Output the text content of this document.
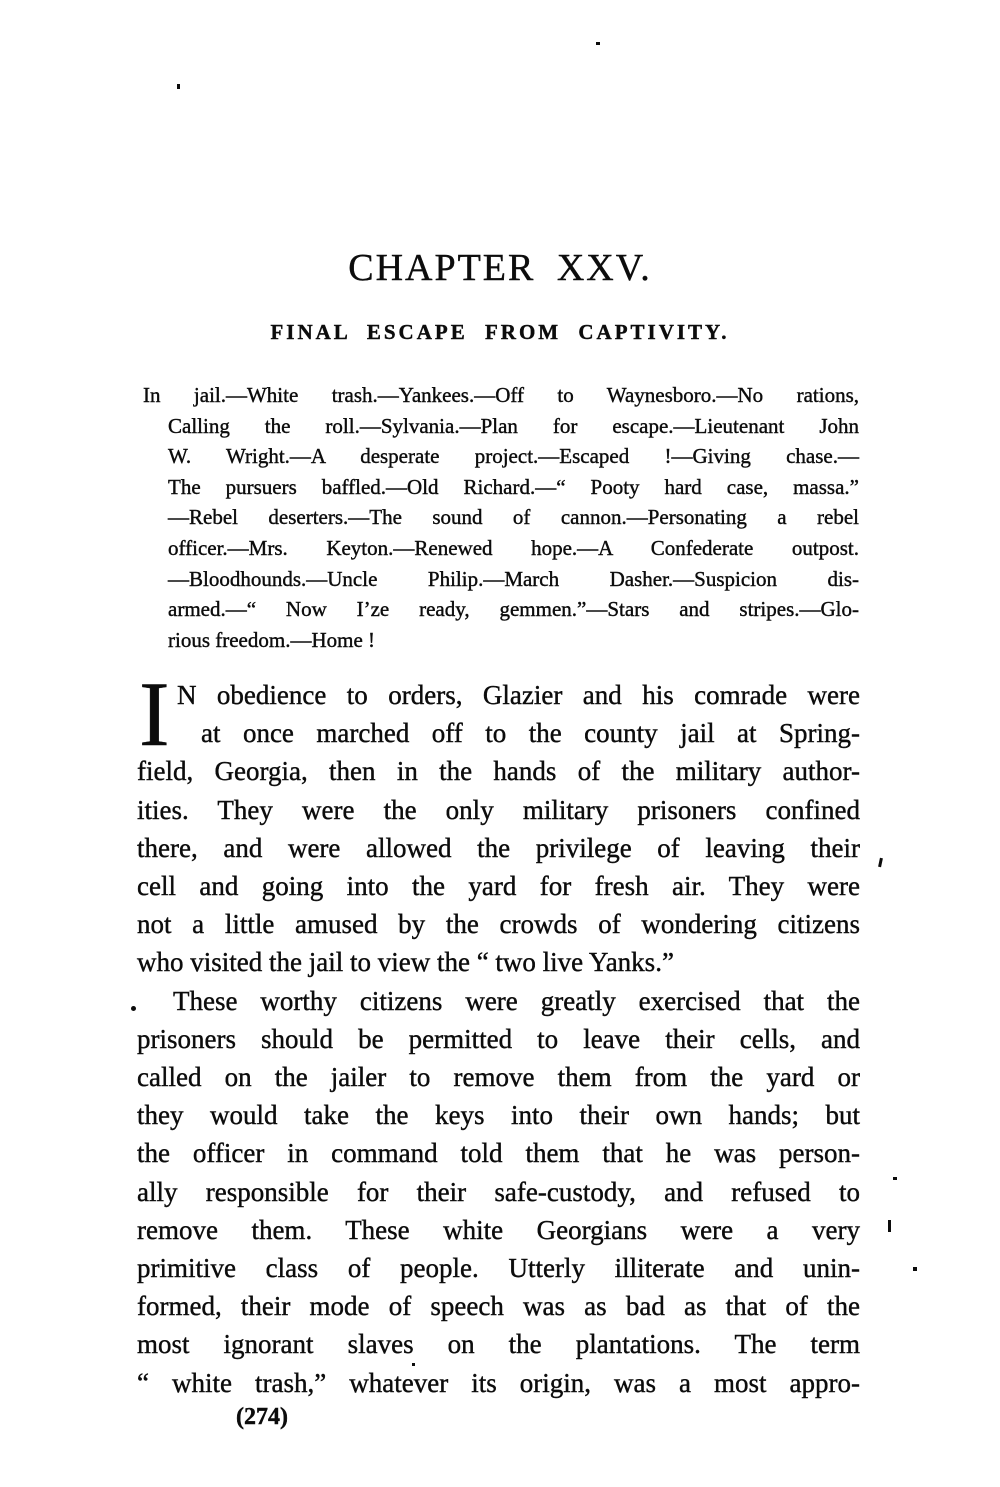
CHAPTER XXV.
FINAL ESCAPE FROM CAPTIVITY.
In jail.—White trash.—Yankees.—Off to Waynesboro.—No rations,
Calling the roll.—Sylvania.—Plan for escape.—Lieutenant John
W. Wright.—A desperate project.—Escaped !—Giving chase.—
The pursuers baffled.—Old Richard.—“ Pooty hard case, massa.”
—Rebel deserters.—The sound of cannon.—Personating a rebel
officer.—Mrs. Keyton.—Renewed hope.—A Confederate outpost.
—Bloodhounds.—Uncle Philip.—March Dasher.—Suspicion dis-
armed.—“ Now I’ze ready, gemmen.”—Stars and stripes.—Glo-
rious freedom.—Home !
I N obedience to orders, Glazier and his comrade were
at once marched off to the county jail at Spring-
field, Georgia, then in the hands of the military author-
ities. They were the only military prisoners confined
there, and were allowed the privilege of leaving their
cell and going into the yard for fresh air. They were
not a little amused by the crowds of wondering citizens
who visited the jail to view the “ two live Yanks.”
These worthy citizens were greatly exercised that the
prisoners should be permitted to leave their cells, and
called on the jailer to remove them from the yard or
they would take the keys into their own hands; but
the officer in command told them that he was person-
ally responsible for their safe-custody, and refused to
remove them. These white Georgians were a very
primitive class of people. Utterly illiterate and unin-
formed, their mode of speech was as bad as that of the
most ignorant slaves on the plantations. The term
“ white trash,” whatever its origin, was a most appro-
(274)
